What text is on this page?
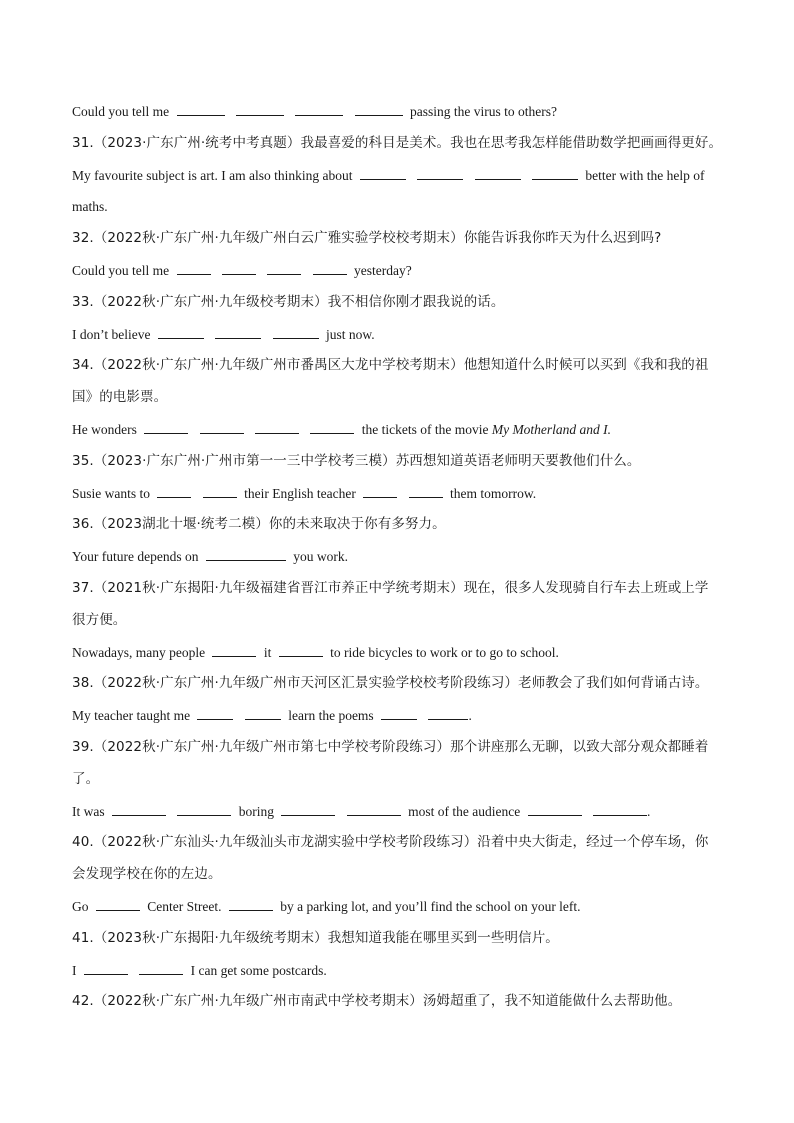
Could you tell me	passing the virus to others?
31.（2023·广东广州·统考中考真题）我最喜爱的科目是美术。我也在思考我怎样能借助数学把画画得更好。
My favourite subject is art. I am also thinking about	better with the help of
maths.
32.（2022秋·广东广州·九年级广州白云广雅实验学校校考期末）你能告诉我你昨天为什么迟到吗?
Could you tell me	yesterday?
33.（2022秋·广东广州·九年级校考期末）我不相信你刚才跟我说的话。
I don’t believe	just now.
34.（2022秋·广东广州·九年级广州市番禺区大龙中学校考期末）他想知道什么时候可以买到《我和我的祖
国》的电影票。
He wonders	the tickets of the movie My Motherland and I.
35.（2023·广东广州·广州市第一一三中学校考三模）苏西想知道英语老师明天要教他们什么。
Susie wants to	their English teacher	them tomorrow.
36.（2023湖北十堰·统考二模）你的未来取决于你有多努力。
Your future depends on	you work.
37.（2021秋·广东揭阳·九年级福建省晋江市养正中学统考期末）现在，很多人发现骑自行车去上班或上学
很方便。
Nowadays, many people	it	to ride bicycles to work or to go to school.
38.（2022秋·广东广州·九年级广州市天河区汇景实验学校校考阶段练习）老师教会了我们如何背诵古诗。
My teacher taught me	learn the poems	.
39.（2022秋·广东广州·九年级广州市第七中学校考阶段练习）那个讲座那么无聊，以致大部分观众都睡着
了。
It was	boring	most of the audience	.
40.（2022秋·广东汕头·九年级汕头市龙湖实验中学校考阶段练习）沿着中央大街走，经过一个停车场，你
会发现学校在你的左边。
Go	Center Street.	by a parking lot, and you’ll find the school on your left.
41.（2023秋·广东揭阳·九年级统考期末）我想知道我能在哪里买到一些明信片。
I	I can get some postcards.
42.（2022秋·广东广州·九年级广州市南武中学校考期末）汤姆超重了，我不知道能做什么去帮助他。
